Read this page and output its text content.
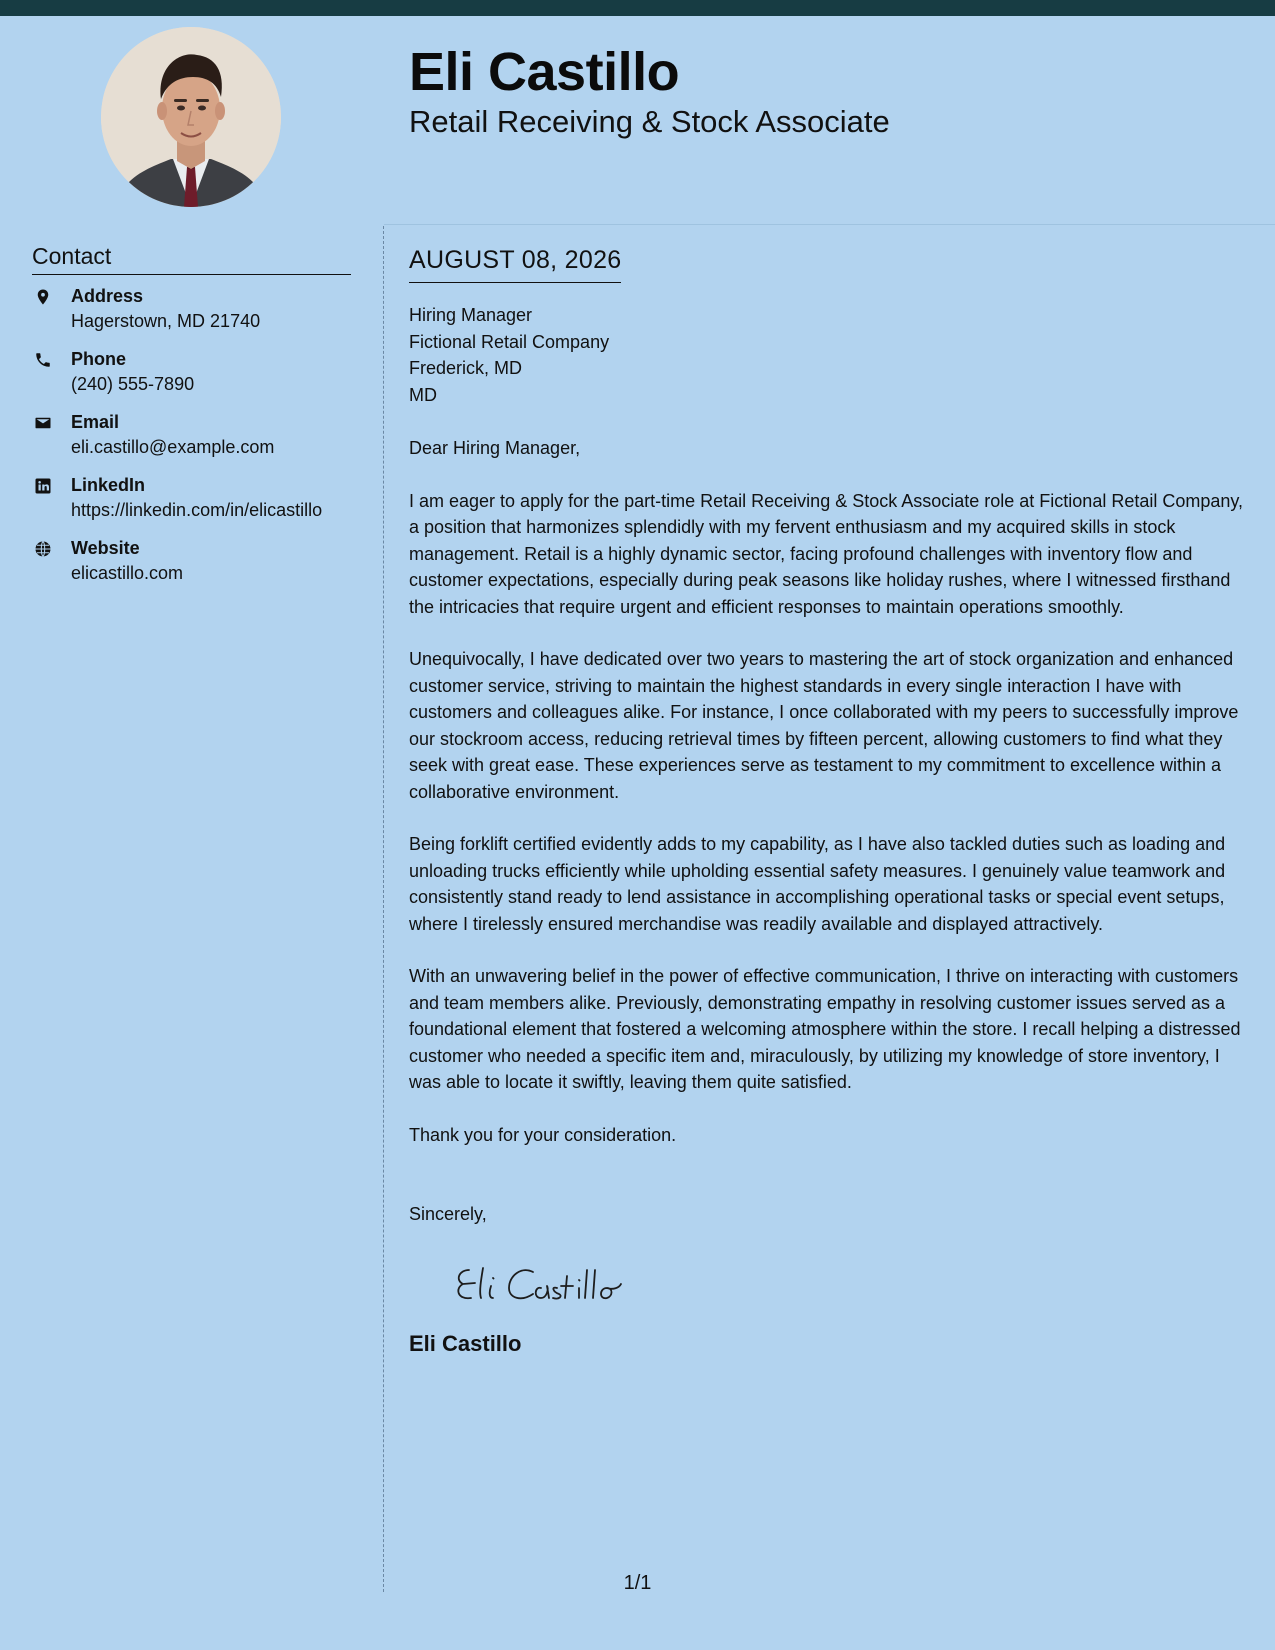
Eli Castillo
Retail Receiving & Stock Associate
Contact
Address
Hagerstown, MD 21740
Phone
(240) 555-7890
Email
eli.castillo@example.com
LinkedIn
https://linkedin.com/in/elicastillo
Website
elicastillo.com
AUGUST 08, 2026
Hiring Manager
Fictional Retail Company
Frederick, MD
MD
Dear Hiring Manager,
I am eager to apply for the part-time Retail Receiving & Stock Associate role at Fictional Retail Company, a position that harmonizes splendidly with my fervent enthusiasm and my acquired skills in stock management. Retail is a highly dynamic sector, facing profound challenges with inventory flow and customer expectations, especially during peak seasons like holiday rushes, where I witnessed firsthand the intricacies that require urgent and efficient responses to maintain operations smoothly.
Unequivocally, I have dedicated over two years to mastering the art of stock organization and enhanced customer service, striving to maintain the highest standards in every single interaction I have with customers and colleagues alike. For instance, I once collaborated with my peers to successfully improve our stockroom access, reducing retrieval times by fifteen percent, allowing customers to find what they seek with great ease. These experiences serve as testament to my commitment to excellence within a collaborative environment.
Being forklift certified evidently adds to my capability, as I have also tackled duties such as loading and unloading trucks efficiently while upholding essential safety measures. I genuinely value teamwork and consistently stand ready to lend assistance in accomplishing operational tasks or special event setups, where I tirelessly ensured merchandise was readily available and displayed attractively.
With an unwavering belief in the power of effective communication, I thrive on interacting with customers and team members alike. Previously, demonstrating empathy in resolving customer issues served as a foundational element that fostered a welcoming atmosphere within the store. I recall helping a distressed customer who needed a specific item and, miraculously, by utilizing my knowledge of store inventory, I was able to locate it swiftly, leaving them quite satisfied.
Thank you for your consideration.
Sincerely,
Eli Castillo
1/1
